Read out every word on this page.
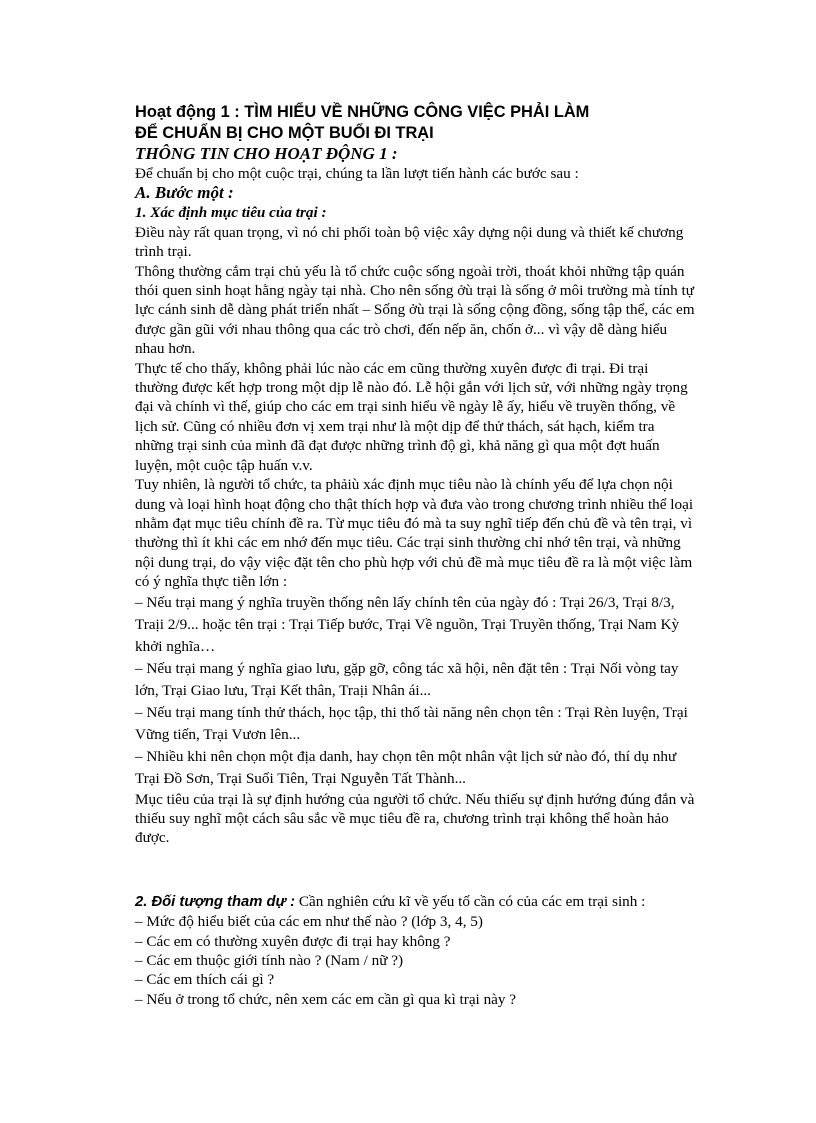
Hoạt động 1 : TÌM HIỂU VỀ NHỮNG CÔNG VIỆC PHẢI LÀM
ĐỂ CHUẨN BỊ CHO MỘT BUỔI ĐI TRẠI

THÔNG TIN CHO HOẠT ĐỘNG 1 :

Để chuẩn bị cho một cuộc trại, chúng ta lần lượt tiến hành các bước sau :

A. Bước một :

1. Xác định mục tiêu của trại :

Điều này rất quan trọng, vì nó chi phối toàn bộ việc xây dựng nội dung và thiết kế chương trình trại.

Thông thường cắm trại chủ yếu là tổ chức cuộc sống ngoài trời, thoát khỏi những tập quán thói quen sinh hoạt hằng ngày tại nhà. Cho nên sống ởù trại là sống ở môi trường mà tính tự lực cánh sinh dễ dàng phát triển nhất – Sống ởù trại là sống cộng đồng, sống tập thể, các em được gần gũi với nhau thông qua các trò chơi, đến nếp ăn, chốn ở... vì vậy dễ dàng hiểu nhau hơn.

Thực tế cho thấy, không phải lúc nào các em cũng thường xuyên được đi trại. Đi trại thường được kết hợp trong một dịp lễ nào đó. Lễ hội gắn với lịch sử, với những ngày trọng đại và chính vì thế, giúp cho các em trại sinh hiểu về ngày lễ ấy, hiểu về truyền thống, về lịch sử. Cũng có nhiều đơn vị xem trại như là một dịp để thử thách, sát hạch, kiểm tra những trại sinh của mình đã đạt được những trình độ gì, khả năng gì qua một đợt huấn luyện, một cuộc tập huấn v.v.

Tuy nhiên, là người tổ chức, ta phảiù xác định mục tiêu nào là chính yếu để lựa chọn nội dung và loại hình hoạt động cho thật thích hợp và đưa vào trong chương trình nhiều thể loại nhằm đạt mục tiêu chính đề ra. Từ mục tiêu đó mà ta suy nghĩ tiếp đến chủ đề và tên trại, vì thường thì ít khi các em nhớ đến mục tiêu. Các trại sinh thường chỉ nhớ tên trại, và những nội dung trại, do vậy việc đặt tên cho phù hợp với chủ đề mà mục tiêu đề ra là một việc làm có ý nghĩa thực tiễn lớn :

– Nếu trại mang ý nghĩa truyền thống nên lấy chính tên của ngày đó : Trại 26/3, Trại 8/3, Traịi 2/9... hoặc tên trại : Trại Tiếp bước, Trại Về nguồn, Trại Truyền thống, Trại Nam Kỳ khởi nghĩa…
– Nếu trại mang ý nghĩa giao lưu, gặp gỡ, công tác xã hội, nên đặt tên : Trại Nối vòng tay lớn, Trại Giao lưu, Trại Kết thân, Traịi Nhân ái...
– Nếu trại mang tính thử thách, học tập, thi thố tài năng nên chọn tên : Trại Rèn luyện, Trại Vững tiến, Trại Vươn lên...
– Nhiều khi nên chọn một địa danh, hay chọn tên một nhân vật lịch sử nào đó, thí dụ như Trại Đồ Sơn, Trại Suối Tiên, Trại Nguyễn Tất Thành...

Mục tiêu của trại là sự định hướng của người tổ chức. Nếu thiếu sự định hướng đúng đắn và thiếu suy nghĩ một cách sâu sắc về mục tiêu đề ra, chương trình trại không thể hoàn hảo được.

2. Đối tượng tham dự : Cần nghiên cứu kĩ về yếu tố cần có của các em trại sinh :

– Mức độ hiểu biết của các em như thế nào ? (lớp 3, 4, 5)
– Các em có thường xuyên được đi trại hay không ?
– Các em thuộc giới tính nào ? (Nam / nữ ?)
– Các em thích cái gì ?
– Nếu ở trong tổ chức, nên xem các em cần gì qua kì trại này ?
